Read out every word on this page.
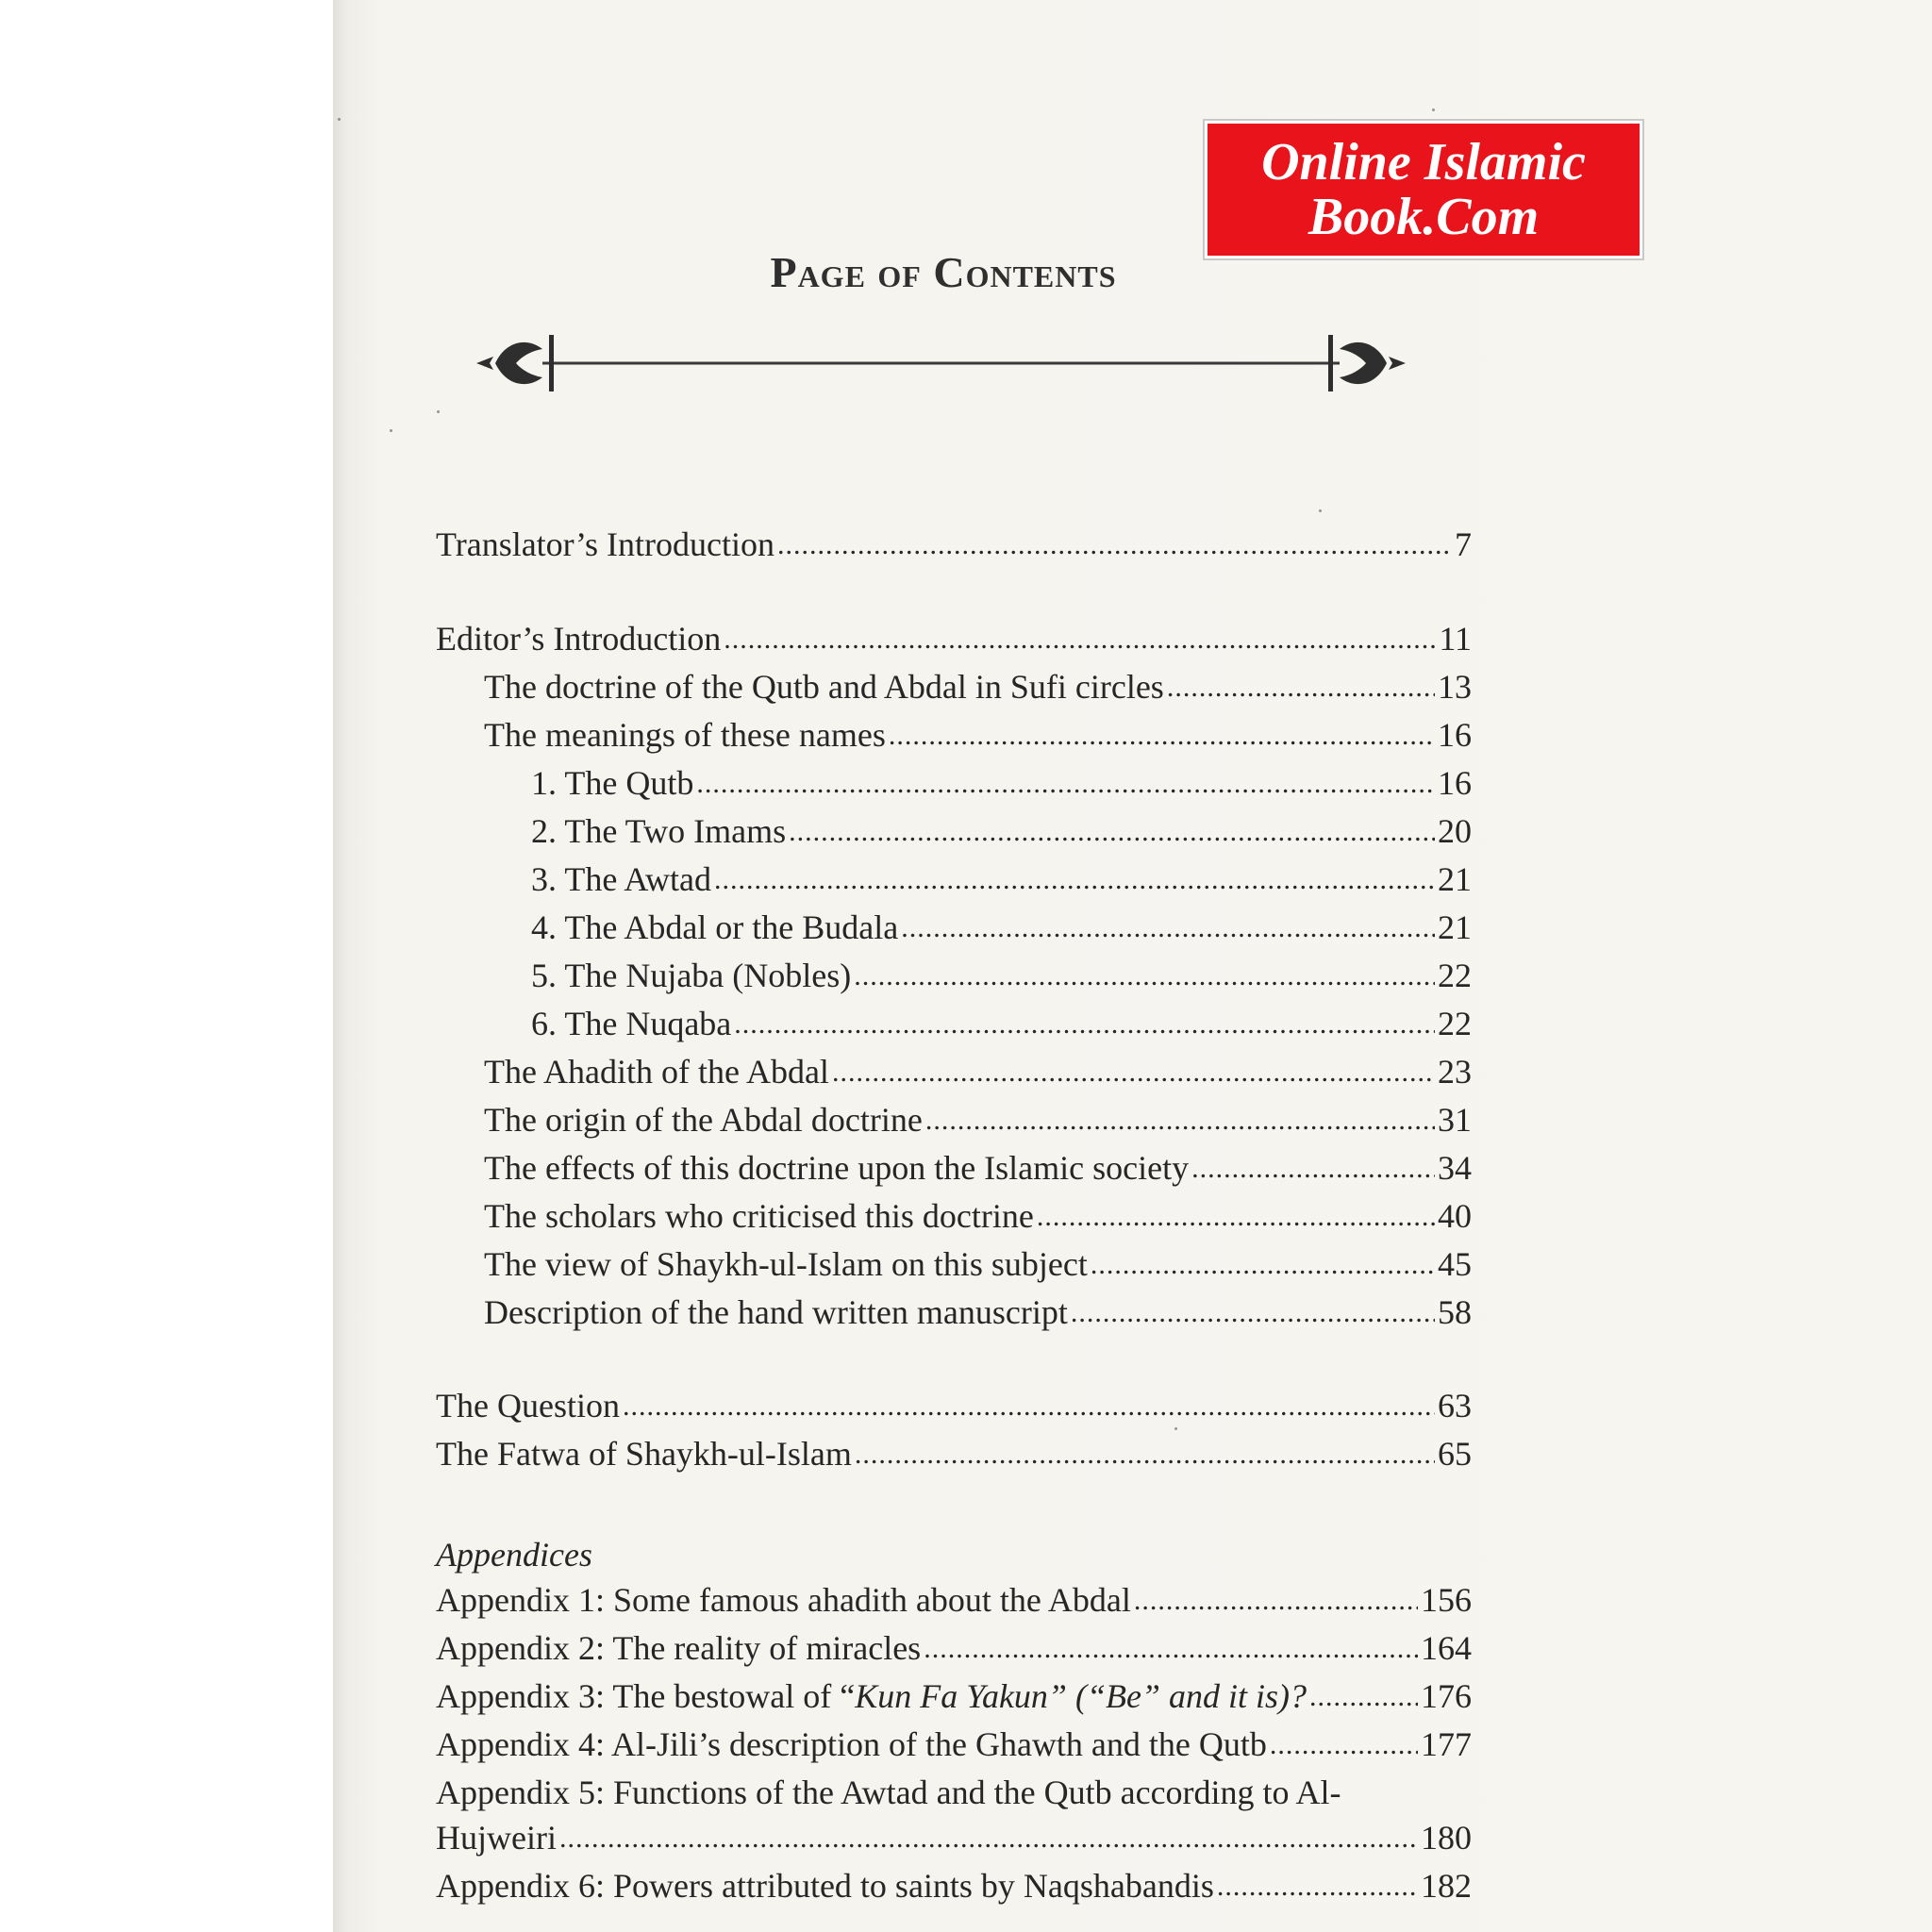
Online Islamic
Book.Com
Page of Contents
Translator’s Introduction .....	7
Editor’s Introduction .....	11
The doctrine of the Qutb and Abdal in Sufi circles .....	13
The meanings of these names .....	16
1. The Qutb .....	16
2. The Two Imams .....	20
3. The Awtad .....	21
4. The Abdal or the Budala .....	21
5. The Nujaba (Nobles) .....	22
6. The Nuqaba .....	22
The Ahadith of the Abdal .....	23
The origin of the Abdal doctrine .....	31
The effects of this doctrine upon the Islamic society .....	34
The scholars who criticised this doctrine .....	40
The view of Shaykh-ul-Islam on this subject .....	45
Description of the hand written manuscript .....	58
The Question .....	63
The Fatwa of Shaykh-ul-Islam .....	65
Appendices
Appendix 1: Some famous ahadith about the Abdal .....	156
Appendix 2: The reality of miracles .....	164
Appendix 3: The bestowal of “Kun Fa Yakun” (“Be” and it is)? .....	176
Appendix 4: Al-Jili’s description of the Ghawth and the Qutb .....	177
Appendix 5: Functions of the Awtad and the Qutb according to Al-
Hujweiri .....	180
Appendix 6: Powers attributed to saints by Naqshabandis .....	182
